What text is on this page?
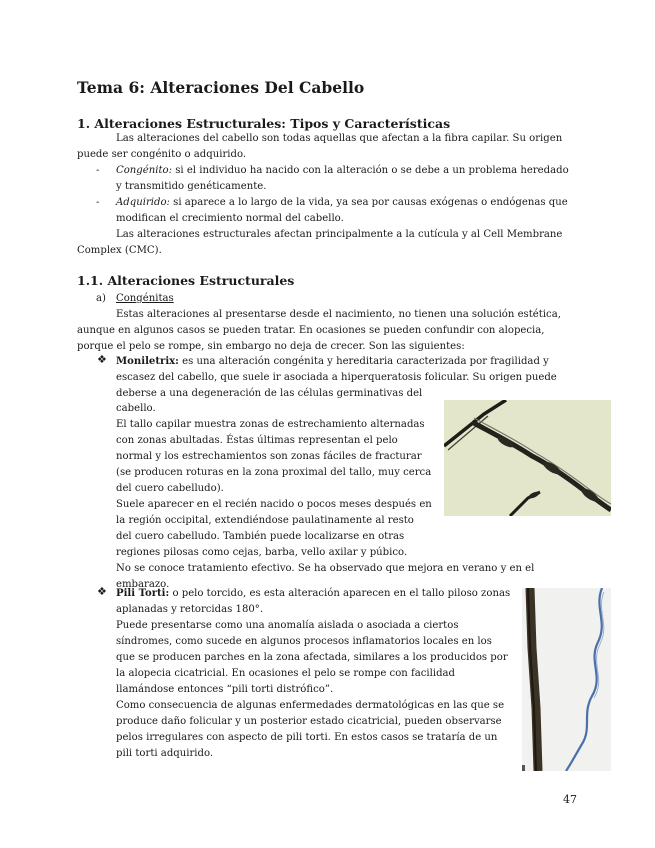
Tema 6: Alteraciones Del Cabello
1. Alteraciones Estructurales: Tipos y Características
Las alteraciones del cabello son todas aquellas que afectan a la fibra capilar. Su origen
puede ser congénito o adquirido.
- Congénito: si el individuo ha nacido con la alteración o se debe a un problema heredado
y transmitido genéticamente.
- Adquirido: si aparece a lo largo de la vida, ya sea por causas exógenas o endógenas que
modifican el crecimiento normal del cabello.
Las alteraciones estructurales afectan principalmente a la cutícula y al Cell Membrane
Complex (CMC).
1.1. Alteraciones Estructurales
a) Congénitas
Estas alteraciones al presentarse desde el nacimiento, no tienen una solución estética,
aunque en algunos casos se pueden tratar. En ocasiones se pueden confundir con alopecia,
porque el pelo se rompe, sin embargo no deja de crecer. Son las siguientes:
❖ Moniletrix: es una alteración congénita y hereditaria caracterizada por fragilidad y
escasez del cabello, que suele ir asociada a hiperqueratosis folicular. Su origen puede
deberse a una degeneración de las células germinativas del
cabello.
El tallo capilar muestra zonas de estrechamiento alternadas
con zonas abultadas. Éstas últimas representan el pelo
normal y los estrechamientos son zonas fáciles de fracturar
(se producen roturas en la zona proximal del tallo, muy cerca
del cuero cabelludo).
Suele aparecer en el recién nacido o pocos meses después en
la región occipital, extendiéndose paulatinamente al resto
del cuero cabelludo. También puede localizarse en otras
regiones pilosas como cejas, barba, vello axilar y púbico.
No se conoce tratamiento efectivo. Se ha observado que mejora en verano y en el
embarazo.
❖ Pili Torti: o pelo torcido, es esta alteración aparecen en el tallo piloso zonas
aplanadas y retorcidas 180°.
Puede presentarse como una anomalía aislada o asociada a ciertos
síndromes, como sucede en algunos procesos inflamatorios locales en los
que se producen parches en la zona afectada, similares a los producidos por
la alopecia cicatricial. En ocasiones el pelo se rompe con facilidad
llamándose entonces “pili torti distrófico”.
Como consecuencia de algunas enfermedades dermatológicas en las que se
produce daño folicular y un posterior estado cicatricial, pueden observarse
pelos irregulares con aspecto de pili torti. En estos casos se trataría de un
pili torti adquirido.
47
